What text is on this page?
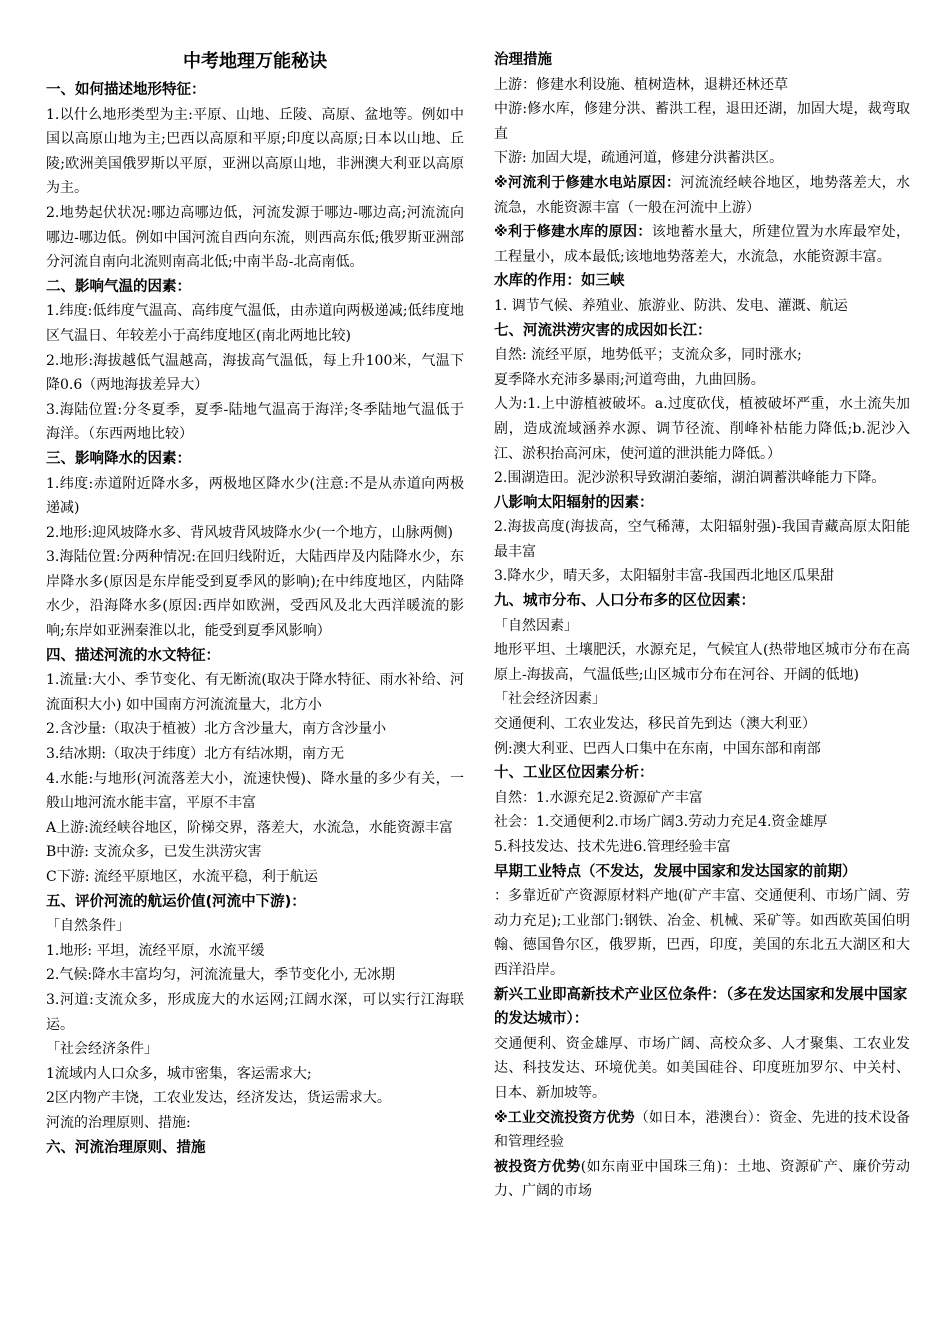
中考地理万能秘诀
一、如何描述地形特征：
1.以什么地形类型为主:平原、山地、丘陵、高原、盆地等。例如中国以高原山地为主;巴西以高原和平原;印度以高原;日本以山地、丘陵;欧洲美国俄罗斯以平原，亚洲以高原山地，非洲澳大利亚以高原为主。
2.地势起伏状况:哪边高哪边低，河流发源于哪边-哪边高;河流流向哪边-哪边低。例如中国河流自西向东流，则西高东低;俄罗斯亚洲部分河流自南向北流则南高北低;中南半岛-北高南低。
二、影响气温的因素：
1.纬度:低纬度气温高、高纬度气温低，由赤道向两极递减;低纬度地区气温日、年较差小于高纬度地区(南北两地比较)
2.地形:海拔越低气温越高，海拔高气温低，每上升100米，气温下降0.6（两地海拔差异大）
3.海陆位置:分冬夏季，夏季-陆地气温高于海洋;冬季陆地气温低于海洋。（东西两地比较）
三、影响降水的因素：
1.纬度:赤道附近降水多，两极地区降水少(注意:不是从赤道向两极递减)
2.地形:迎风坡降水多、背风坡背风坡降水少(一个地方，山脉两侧)
3.海陆位置:分两种情况:在回归线附近，大陆西岸及内陆降水少，东岸降水多(原因是东岸能受到夏季风的影响);在中纬度地区，内陆降水少，沿海降水多(原因:西岸如欧洲，受西风及北大西洋暖流的影响;东岸如亚洲秦淮以北，能受到夏季风影响）
四、描述河流的水文特征：
1.流量:大小、季节变化、有无断流(取决于降水特征、雨水补给、河流面积大小) 如中国南方河流流量大，北方小
2.含沙量:（取决于植被）北方含沙量大，南方含沙量小
3.结冰期:（取决于纬度）北方有结冰期，南方无
4.水能:与地形(河流落差大小，流速快慢)、降水量的多少有关，一般山地河流水能丰富，平原不丰富
A上游:流经峡谷地区，阶梯交界，落差大，水流急，水能资源丰富
B中游: 支流众多，已发生洪涝灾害
C下游: 流经平原地区，水流平稳，利于航运
五、评价河流的航运价值(河流中下游)：
「自然条件」
1.地形: 平坦，流经平原，水流平缓
2.气候:降水丰富均匀，河流流量大，季节变化小, 无冰期
3.河道:支流众多，形成庞大的水运网;江阔水深，可以实行江海联运。
「社会经济条件」
1流域内人口众多，城市密集，客运需求大;
2区内物产丰饶，工农业发达，经济发达，货运需求大。
河流的治理原则、措施:
六、河流治理原则、措施
治理措施
上游：修建水利设施、植树造林，退耕还林还草
中游:修水库，修建分洪、蓄洪工程，退田还湖，加固大堤，裁弯取直
下游: 加固大堤，疏通河道，修建分洪蓄洪区。
※河流利于修建水电站原因：河流流经峡谷地区，地势落差大，水流急，水能资源丰富（一般在河流中上游）
※利于修建水库的原因：该地蓄水量大，所建位置为水库最窄处，工程量小，成本最低;该地地势落差大，水流急，水能资源丰富。
水库的作用：如三峡
1. 调节气候、养殖业、旅游业、防洪、发电、灌溉、航运
七、河流洪涝灾害的成因如长江：
自然: 流经平原，地势低平；支流众多，同时涨水;
夏季降水充沛多暴雨;河道弯曲，九曲回肠。
人为:1.上中游植被破坏。a.过度砍伐，植被破坏严重，水土流失加剧，造成流域涵养水源、调节径流、削峰补枯能力降低;b.泥沙入江、淤积抬高河床，使河道的泄洪能力降低。）
2.围湖造田。泥沙淤积导致湖泊萎缩，湖泊调蓄洪峰能力下降。
八影响太阳辐射的因素：
2.海拔高度(海拔高，空气稀薄，太阳辐射强)-我国青藏高原太阳能最丰富
3.降水少，晴天多，太阳辐射丰富-我国西北地区瓜果甜
九、城市分布、人口分布多的区位因素：
「自然因素」
地形平坦、土壤肥沃，水源充足，气候宜人(热带地区城市分布在高原上-海拔高，气温低些;山区城市分布在河谷、开阔的低地)
「社会经济因素」
交通便利、工农业发达，移民首先到达（澳大利亚）
例:澳大利亚、巴西人口集中在东南，中国东部和南部
十、工业区位因素分析：
自然：1.水源充足2.资源矿产丰富
社会：1.交通便利2.市场广阔3.劳动力充足4.资金雄厚
5.科技发达、技术先进6.管理经验丰富
早期工业特点（不发达，发展中国家和发达国家的前期）
：多靠近矿产资源原材料产地(矿产丰富、交通便利、市场广阔、劳动力充足);工业部门:钢铁、冶金、机械、采矿等。如西欧英国伯明翰、德国鲁尔区，俄罗斯，巴西，印度，美国的东北五大湖区和大西洋沿岸。
新兴工业即高新技术产业区位条件：（多在发达国家和发展中国家的发达城市）：
交通便利、资金雄厚、市场广阔、高校众多、人才聚集、工农业发达、科技发达、环境优美。如美国硅谷、印度班加罗尔、中关村、日本、新加坡等。
※工业交流投资方优势（如日本，港澳台）：资金、先进的技术设备和管理经验
被投资方优势(如东南亚中国珠三角)：土地、资源矿产、廉价劳动力、广阔的市场
